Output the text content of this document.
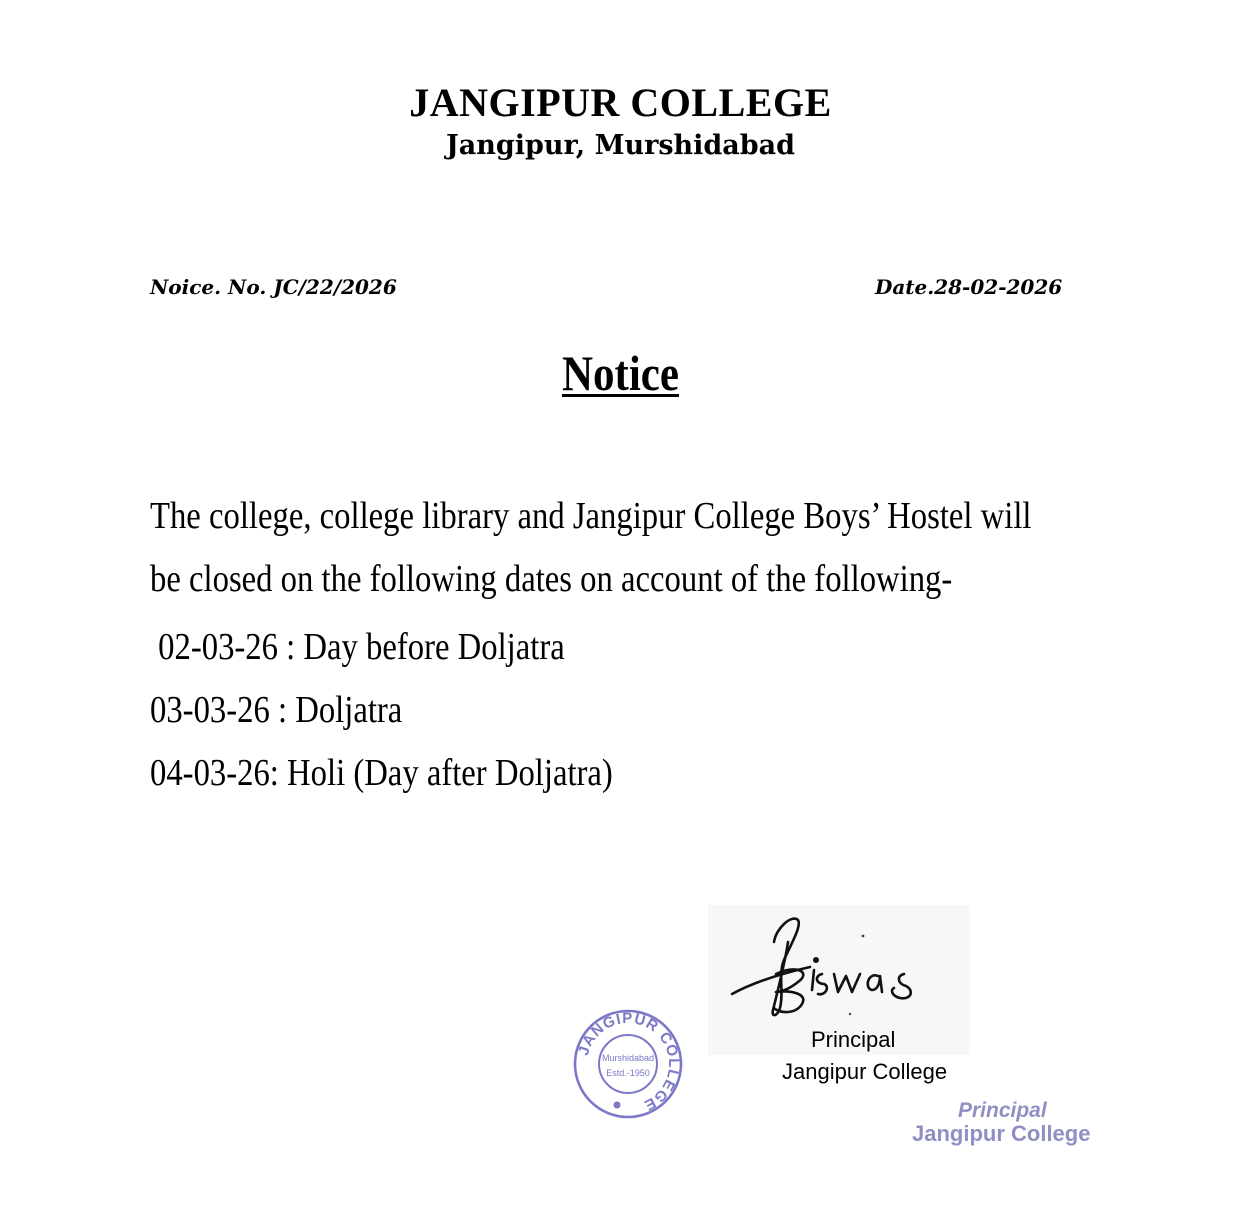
JANGIPUR COLLEGE
Jangipur, Murshidabad
Noice. No. JC/22/2026	Date.28-02-2026
Notice
The college, college library and Jangipur College Boys’ Hostel will
be closed on the following dates on account of the following-
02-03-26 : Day before Doljatra
03-03-26 : Doljatra
04-03-26: Holi (Day after Doljatra)
Principal
Jangipur College
JANGIPUR COLLEGE
Murshidabad
Estd.-1950
Principal
Jangipur College
